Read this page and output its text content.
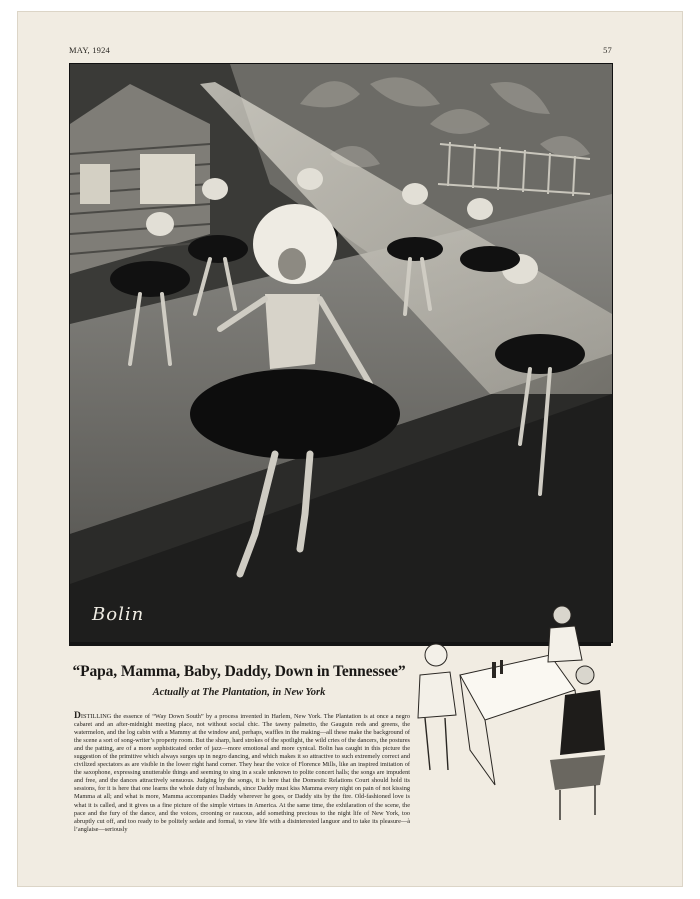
MAY, 1924	57
Bolin
“Papa, Mamma, Baby, Daddy, Down in Tennessee”
Actually at The Plantation, in New York
DISTILLING the essence of “Way Down South” by a process invented in Harlem, New York. The Plantation is at once a negro cabaret and an after-midnight meeting place, not without social chic. The tawny palmetto, the Gauguin reds and greens, the watermelon, and the log cabin with a Mammy at the window and, perhaps, waffles in the making—all these make the background of the scene a sort of song-writer’s property room. But the sharp, hard strokes of the spotlight, the wild cries of the dancers, the postures and the patting, are of a more sophisticated order of jazz—more emotional and more cynical. Bolin has caught in this picture the suggestion of the primitive which always surges up in negro dancing, and which makes it so attractive to such extremely correct and civilized spectators as are visible in the lower right hand corner. They hear the voice of Florence Mills, like an inspired imitation of the saxophone, expressing unutterable things and seeming to sing in a scale unknown to polite concert halls; the songs are impudent and free, and the dances attractively sensuous. Judging by the songs, it is here that the Domestic Relations Court should hold its sessions, for it is here that one learns the whole duty of husbands, since Daddy must kiss Mamma every night on pain of not kissing Mamma at all; and what is more, Mamma accompanies Daddy wherever he goes, or Daddy sits by the fire. Old-fashioned love is what it is called, and it gives us a fine picture of the simple virtues in America. At the same time, the exhilaration of the scene, the pace and the fury of the dance, and the voices, crooning or raucous, add something precious to the night life of New York, too abruptly cut off, and too ready to be politely sedate and formal, to view life with a disinterested languor and to take its pleasure—à l’anglaise—seriously
